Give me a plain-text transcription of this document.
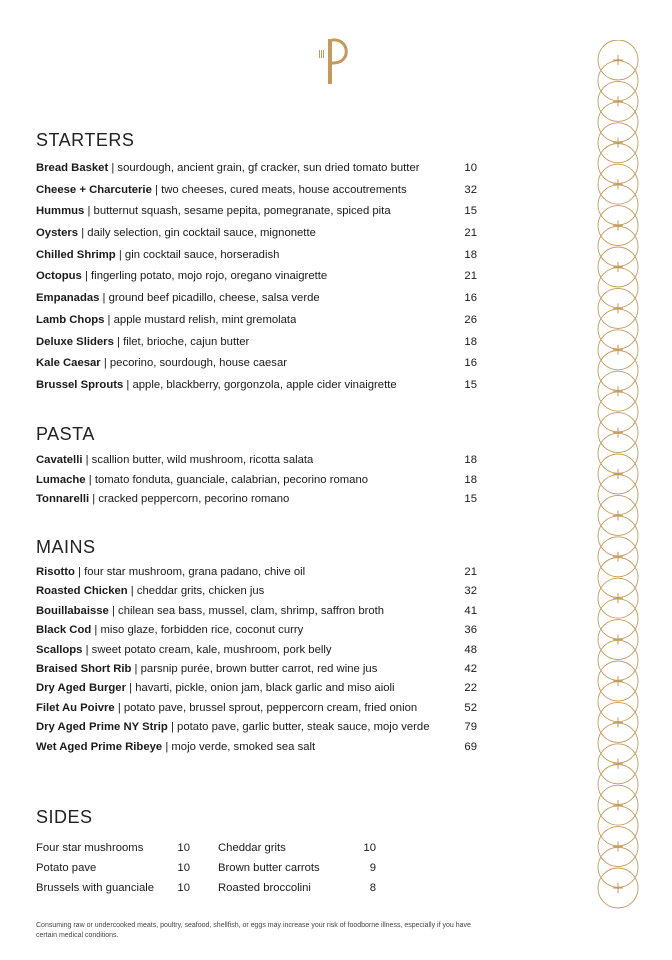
STARTERS
Bread Basket | sourdough, ancient grain, gf cracker, sun dried tomato butter	10
Cheese + Charcuterie | two cheeses, cured meats, house accoutrements	32
Hummus | butternut squash, sesame pepita, pomegranate, spiced pita	15
Oysters | daily selection, gin cocktail sauce, mignonette	21
Chilled Shrimp | gin cocktail sauce, horseradish	18
Octopus | fingerling potato, mojo rojo, oregano vinaigrette	21
Empanadas | ground beef picadillo, cheese, salsa verde	16
Lamb Chops | apple mustard relish, mint gremolata	26
Deluxe Sliders | filet, brioche, cajun butter	18
Kale Caesar | pecorino, sourdough, house caesar	16
Brussel Sprouts | apple, blackberry, gorgonzola, apple cider vinaigrette	15
PASTA
Cavatelli | scallion butter, wild mushroom, ricotta salata	18
Lumache | tomato fonduta, guanciale, calabrian, pecorino romano	18
Tonnarelli | cracked peppercorn, pecorino romano	15
MAINS
Risotto | four star mushroom, grana padano, chive oil	21
Roasted Chicken | cheddar grits, chicken jus	32
Bouillabaisse | chilean sea bass, mussel, clam, shrimp, saffron broth	41
Black Cod | miso glaze, forbidden rice, coconut curry	36
Scallops | sweet potato cream, kale, mushroom, pork belly	48
Braised Short Rib | parsnip purée, brown butter carrot, red wine jus	42
Dry Aged Burger | havarti, pickle, onion jam, black garlic and miso aioli	22
Filet Au Poivre | potato pave, brussel sprout, peppercorn cream, fried onion	52
Dry Aged Prime NY Strip | potato pave, garlic butter, steak sauce, mojo verde	79
Wet Aged Prime Ribeye | mojo verde, smoked sea salt	69
SIDES
Four star mushrooms	10 Cheddar grits	10
Potato pave	10 Brown butter carrots	9
Brussels with guanciale 10 Roasted broccolini	8
Consuming raw or undercooked meats, poultry, seafood, shellfish, or eggs may increase your risk of foodborne illness, especially if you have certain medical conditions.
